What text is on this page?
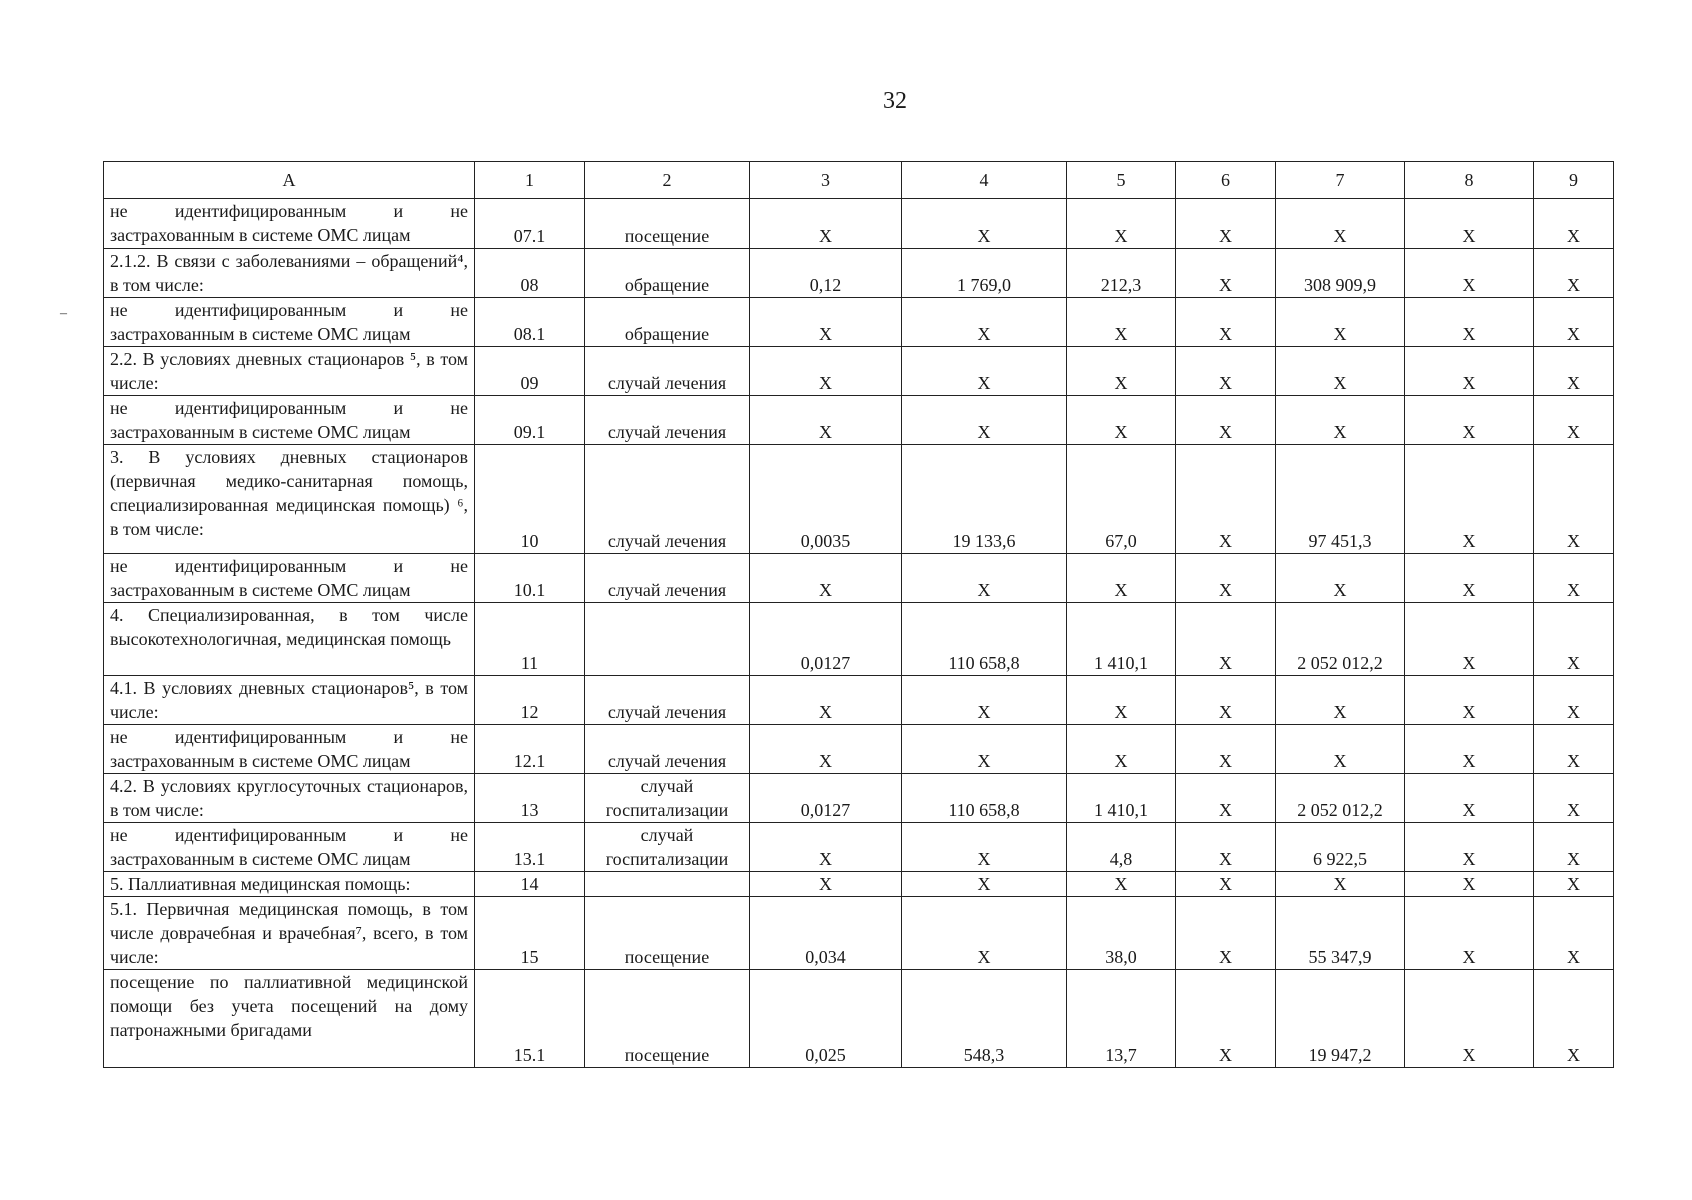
32
А	1	2	3	4	5	6	7	8	9
не идентифицированным и не застрахованным в системе ОМС лицам	07.1	посещение	Х	Х	Х	Х	Х	Х	Х
2.1.2. В связи с заболеваниями – обращений⁴, в том числе:	08	обращение	0,12	1 769,0	212,3	Х	308 909,9	Х	Х
не идентифицированным и не застрахованным в системе ОМС лицам	08.1	обращение	Х	Х	Х	Х	Х	Х	Х
2.2. В условиях дневных стационаров ⁵, в том числе:	09	случай лечения	Х	Х	Х	Х	Х	Х	Х
не идентифицированным и не застрахованным в системе ОМС лицам	09.1	случай лечения	Х	Х	Х	Х	Х	Х	Х
3. В условиях дневных стационаров (первичная медико-санитарная помощь, специализированная медицинская помощь) ⁶, в том числе:	10	случай лечения	0,0035	19 133,6	67,0	Х	97 451,3	Х	Х
не идентифицированным и не застрахованным в системе ОМС лицам	10.1	случай лечения	Х	Х	Х	Х	Х	Х	Х
4. Специализированная, в том числе высокотехнологичная, медицинская помощь	11		0,0127	110 658,8	1 410,1	Х	2 052 012,2	Х	Х
4.1. В условиях дневных стационаров⁵, в том числе:	12	случай лечения	Х	Х	Х	Х	Х	Х	Х
не идентифицированным и не застрахованным в системе ОМС лицам	12.1	случай лечения	Х	Х	Х	Х	Х	Х	Х
4.2. В условиях круглосуточных стационаров, в том числе:	13	случай госпитализации	0,0127	110 658,8	1 410,1	Х	2 052 012,2	Х	Х
не идентифицированным и не застрахованным в системе ОМС лицам	13.1	случай госпитализации	Х	Х	4,8	Х	6 922,5	Х	Х
5. Паллиативная медицинская помощь:	14		Х	Х	Х	Х	Х	Х	Х
5.1. Первичная медицинская помощь, в том числе доврачебная и врачебная⁷, всего, в том числе:	15	посещение	0,034	Х	38,0	Х	55 347,9	Х	Х
посещение по паллиативной медицинской помощи без учета посещений на дому патронажными бригадами	15.1	посещение	0,025	548,3	13,7	Х	19 947,2	Х	Х
–
